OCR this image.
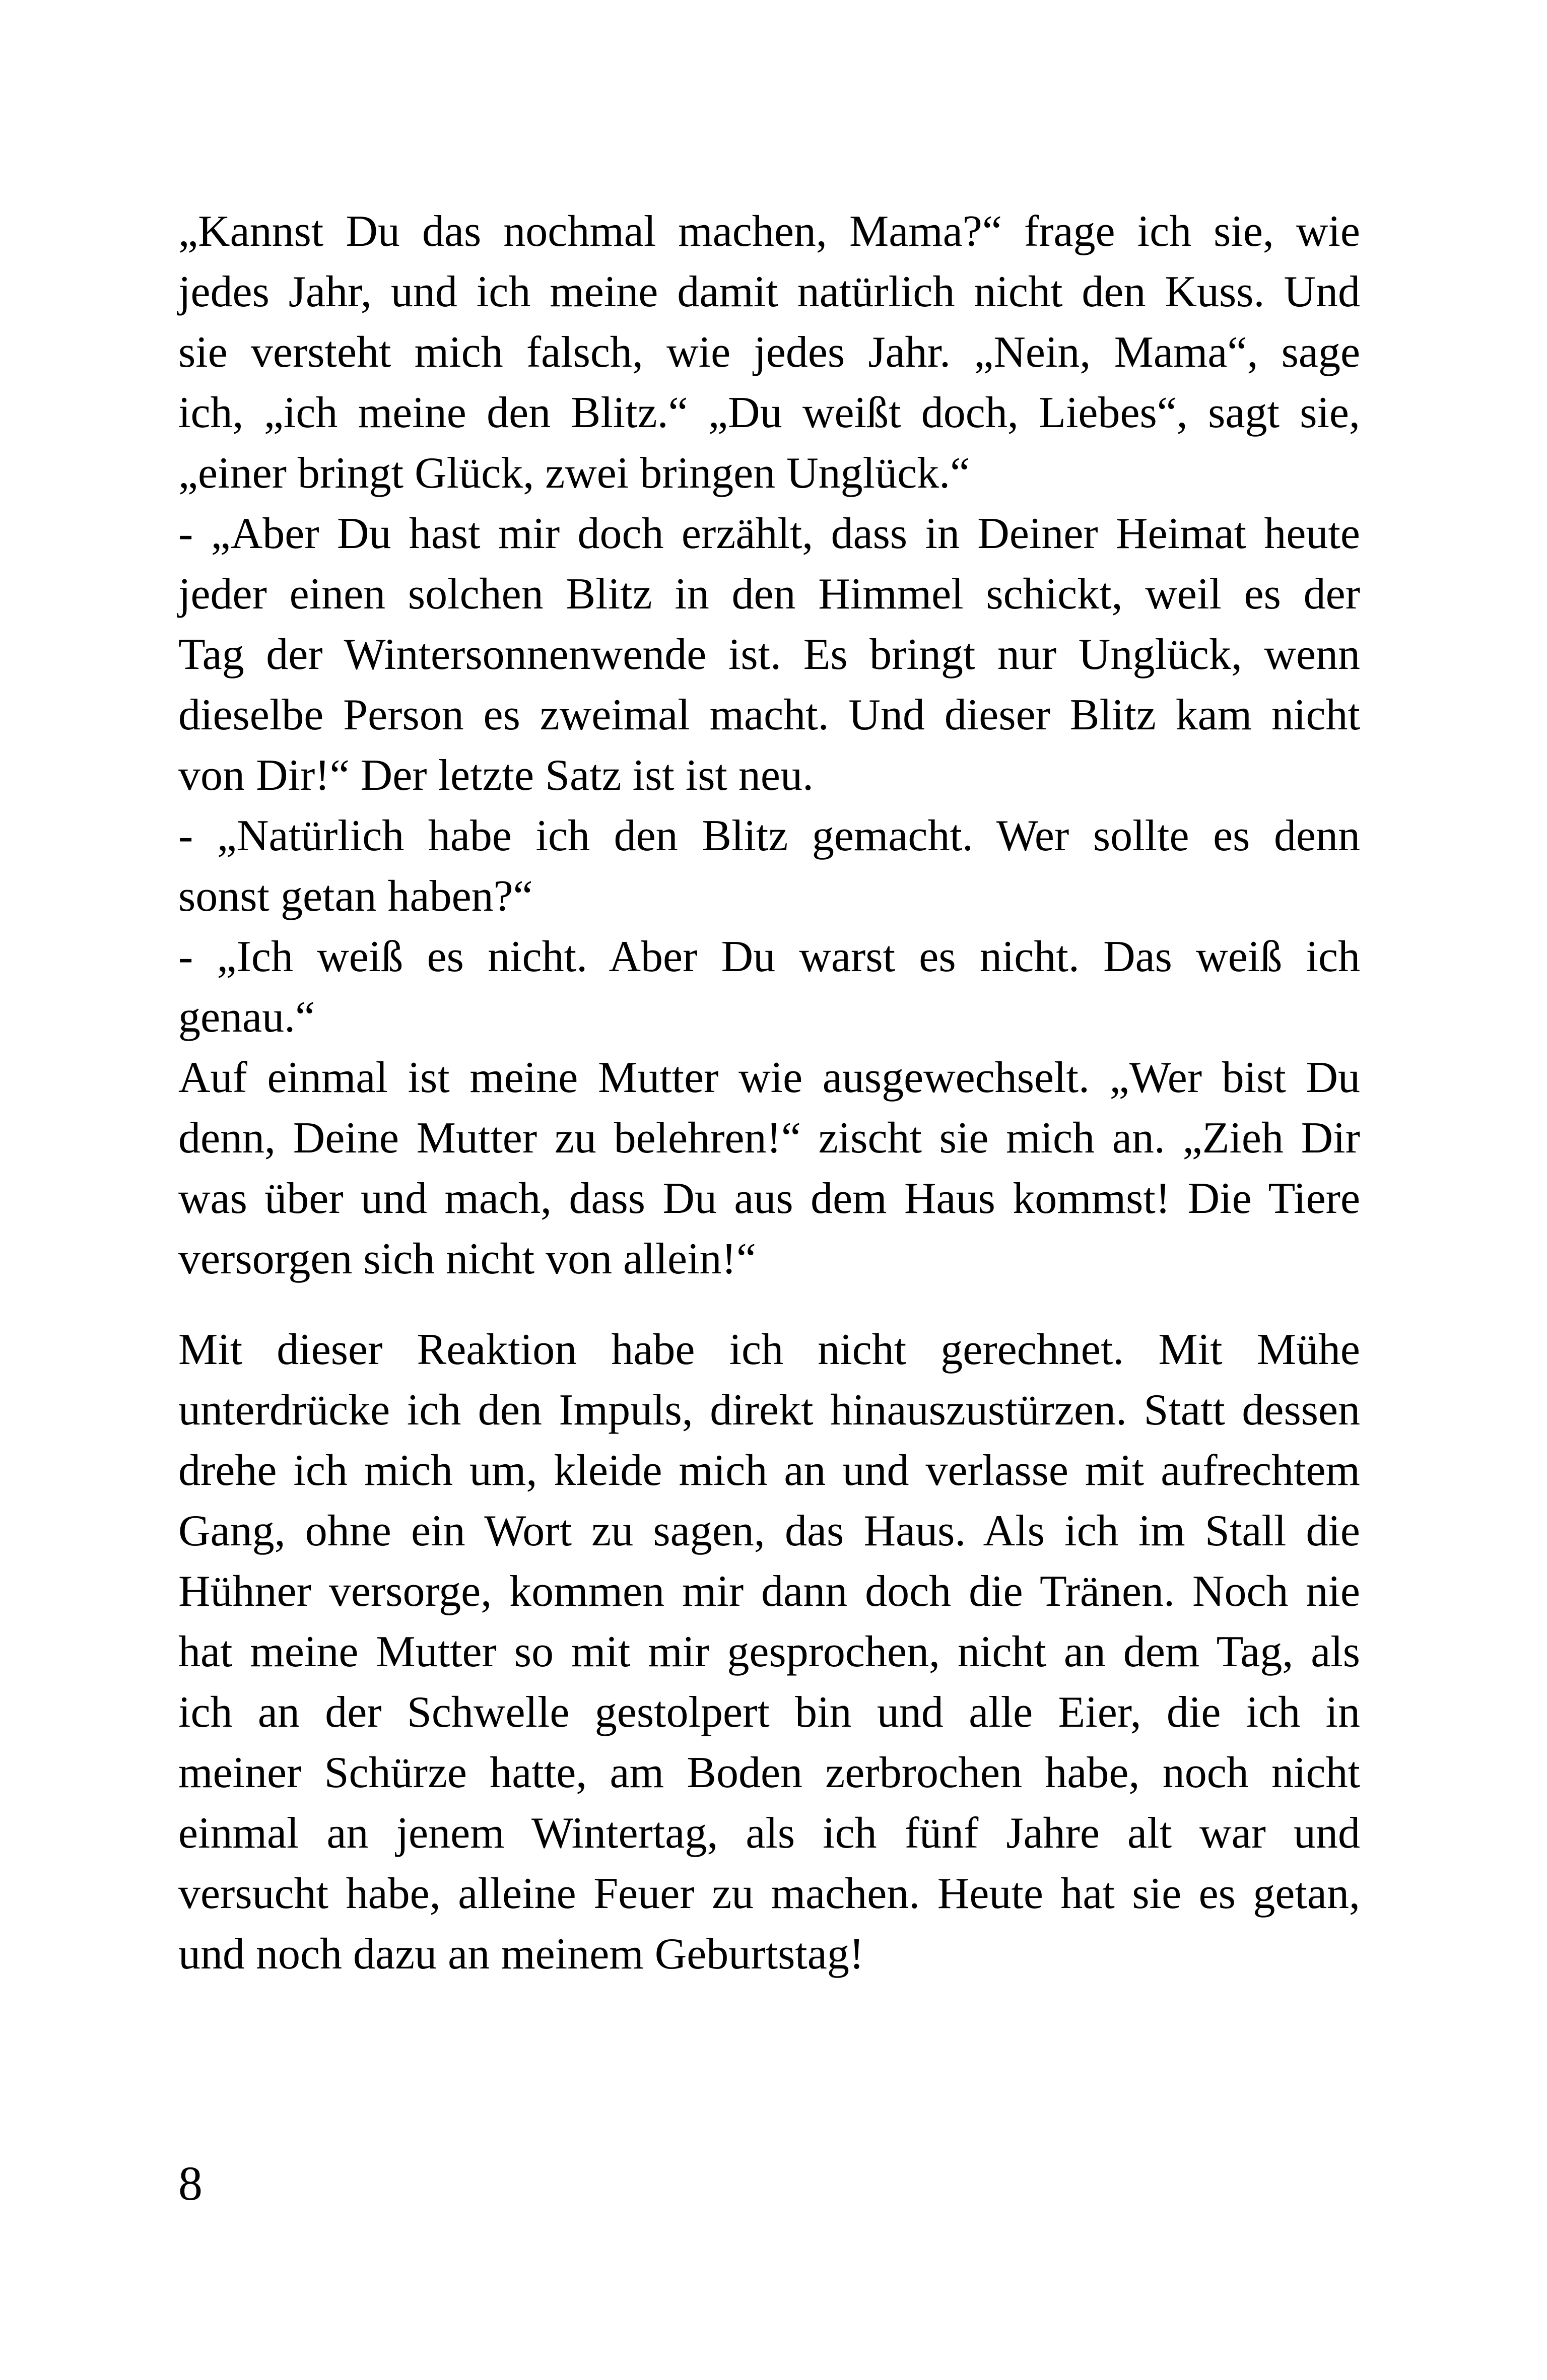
„Kannst Du das nochmal machen, Mama?“ frage ich sie, wie
jedes Jahr, und ich meine damit natürlich nicht den Kuss. Und
sie versteht mich falsch, wie jedes Jahr. „Nein, Mama“, sage
ich, „ich meine den Blitz.“ „Du weißt doch, Liebes“, sagt sie,
„einer bringt Glück, zwei bringen Unglück.“
- „Aber Du hast mir doch erzählt, dass in Deiner Heimat heute
jeder einen solchen Blitz in den Himmel schickt, weil es der
Tag der Wintersonnenwende ist. Es bringt nur Unglück, wenn
dieselbe Person es zweimal macht. Und dieser Blitz kam nicht
von Dir!“ Der letzte Satz ist ist neu.
- „Natürlich habe ich den Blitz gemacht. Wer sollte es denn
sonst getan haben?“
- „Ich weiß es nicht. Aber Du warst es nicht. Das weiß ich
genau.“
Auf einmal ist meine Mutter wie ausgewechselt. „Wer bist Du
denn, Deine Mutter zu belehren!“ zischt sie mich an. „Zieh Dir
was über und mach, dass Du aus dem Haus kommst! Die Tiere
versorgen sich nicht von allein!“
Mit dieser Reaktion habe ich nicht gerechnet. Mit Mühe
unterdrücke ich den Impuls, direkt hinauszustürzen. Statt dessen
drehe ich mich um, kleide mich an und verlasse mit aufrechtem
Gang, ohne ein Wort zu sagen, das Haus. Als ich im Stall die
Hühner versorge, kommen mir dann doch die Tränen. Noch nie
hat meine Mutter so mit mir gesprochen, nicht an dem Tag, als
ich an der Schwelle gestolpert bin und alle Eier, die ich in
meiner Schürze hatte, am Boden zerbrochen habe, noch nicht
einmal an jenem Wintertag, als ich fünf Jahre alt war und
versucht habe, alleine Feuer zu machen. Heute hat sie es getan,
und noch dazu an meinem Geburtstag!
8
